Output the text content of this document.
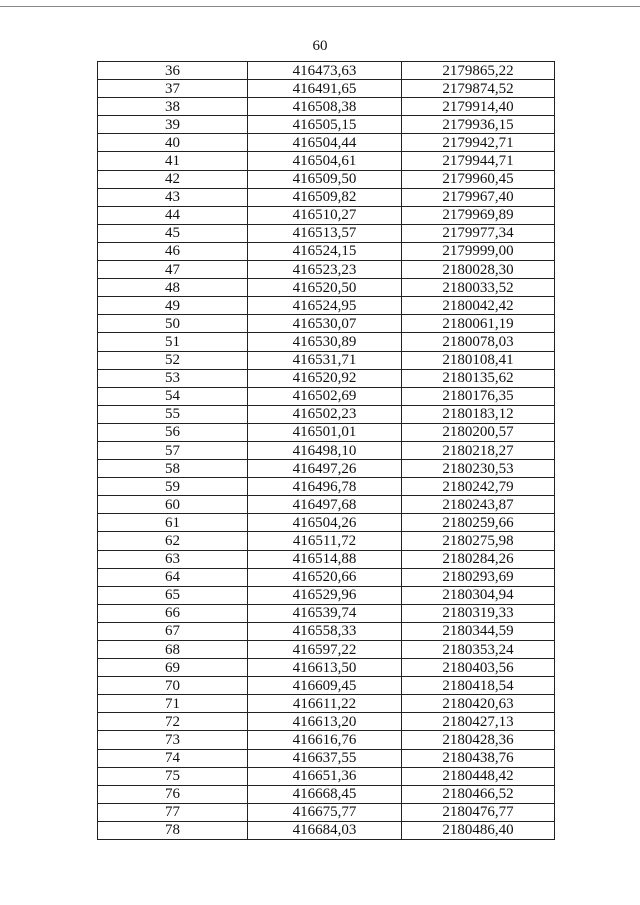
60
36	416473,63	2179865,22
37	416491,65	2179874,52
38	416508,38	2179914,40
39	416505,15	2179936,15
40	416504,44	2179942,71
41	416504,61	2179944,71
42	416509,50	2179960,45
43	416509,82	2179967,40
44	416510,27	2179969,89
45	416513,57	2179977,34
46	416524,15	2179999,00
47	416523,23	2180028,30
48	416520,50	2180033,52
49	416524,95	2180042,42
50	416530,07	2180061,19
51	416530,89	2180078,03
52	416531,71	2180108,41
53	416520,92	2180135,62
54	416502,69	2180176,35
55	416502,23	2180183,12
56	416501,01	2180200,57
57	416498,10	2180218,27
58	416497,26	2180230,53
59	416496,78	2180242,79
60	416497,68	2180243,87
61	416504,26	2180259,66
62	416511,72	2180275,98
63	416514,88	2180284,26
64	416520,66	2180293,69
65	416529,96	2180304,94
66	416539,74	2180319,33
67	416558,33	2180344,59
68	416597,22	2180353,24
69	416613,50	2180403,56
70	416609,45	2180418,54
71	416611,22	2180420,63
72	416613,20	2180427,13
73	416616,76	2180428,36
74	416637,55	2180438,76
75	416651,36	2180448,42
76	416668,45	2180466,52
77	416675,77	2180476,77
78	416684,03	2180486,40
